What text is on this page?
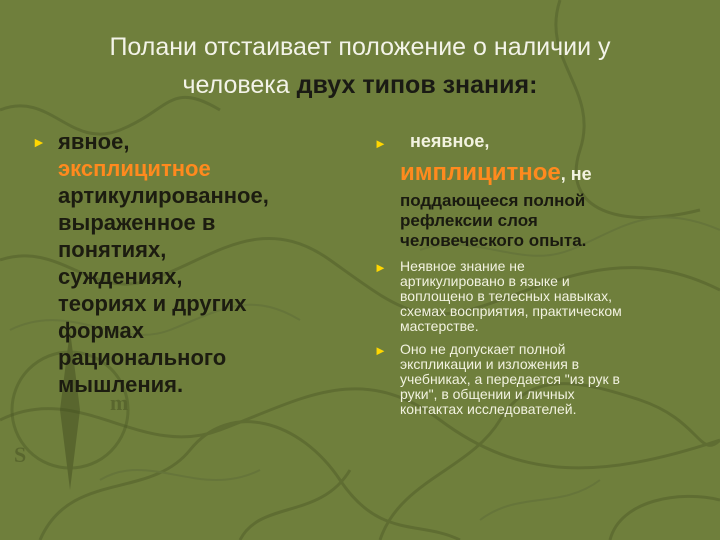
S
m
Полани отстаивает положение о наличии у
человека двух типов знания:
► явное,
эксплицитное
артикулированное,
выраженное в
понятиях,
суждениях,
теориях и других
формах
рационального
мышления.
►	неявное,
имплицитное, не
поддающееся полной
рефлексии слоя
человеческого опыта.
► Неявное знание не
артикулировано в языке и
воплощено в телесных навыках,
схемах восприятия, практическом
мастерстве.
► Оно не допускает полной
экспликации и изложения в
учебниках, а передается "из рук в
руки", в общении и личных
контактах исследователей.
